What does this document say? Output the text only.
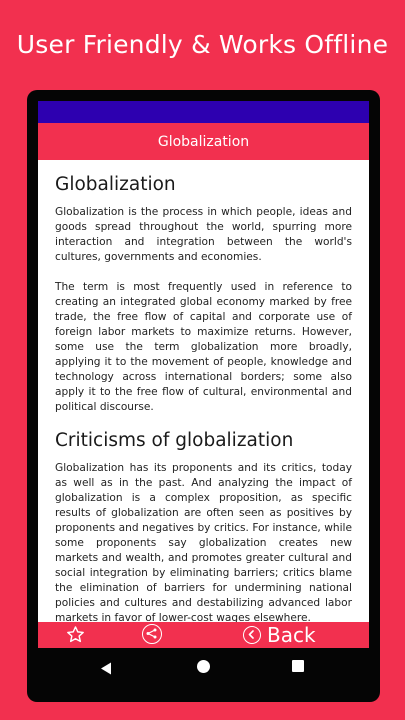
User Friendly & Works Offline
Globalization
Globalization

Globalization is the process in which people, ideas and goods spread throughout the world, spurring more interaction and integration between the world's cultures, governments and economies.

The term is most frequently used in reference to creating an integrated global economy marked by free trade, the free flow of capital and corporate use of foreign labor markets to maximize returns. However, some use the term globalization more broadly, applying it to the movement of people, knowledge and technology across international borders; some also apply it to the free flow of cultural, environmental and political discourse.

Criticisms of globalization

Globalization has its proponents and its critics, today as well as in the past. And analyzing the impact of globalization is a complex proposition, as specific results of globalization are often seen as positives by proponents and negatives by critics. For instance, while some proponents say globalization creates new markets and wealth, and promotes greater cultural and social integration by eliminating barriers; critics blame the elimination of barriers for undermining national policies and cultures and destabilizing advanced labor markets in favor of lower-cost wages elsewhere.

Back
